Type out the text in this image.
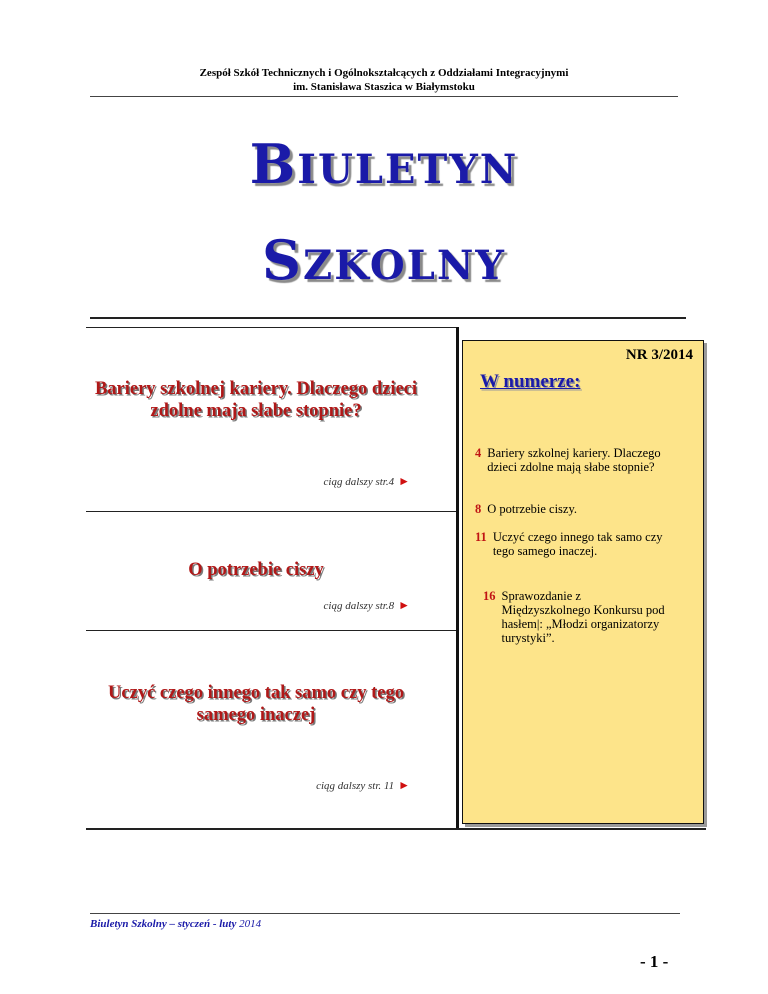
Zespół Szkół Technicznych i Ogólnokształcących z Oddziałami Integracyjnymi
im. Stanisława Staszica w Białymstoku
BIULETYN
SZKOLNY
Bariery szkolnej kariery. Dlaczego dzieci zdolne maja słabe stopnie?
ciąg dalszy str.4 ►
O potrzebie ciszy
ciąg dalszy str.8 ►
Uczyć czego innego tak samo czy tego samego inaczej
ciąg dalszy str. 11 ►
NR 3/2014
W numerze:
4 Bariery szkolnej kariery. Dlaczego dzieci zdolne mają słabe stopnie?
8 O potrzebie ciszy.
11 Uczyć czego innego tak samo czy tego samego inaczej.
16 Sprawozdanie z Międzyszkolnego Konkursu pod hasłem|: „Młodzi organizatorzy turystyki”.
Biuletyn Szkolny – styczeń - luty 2014
- 1 -
